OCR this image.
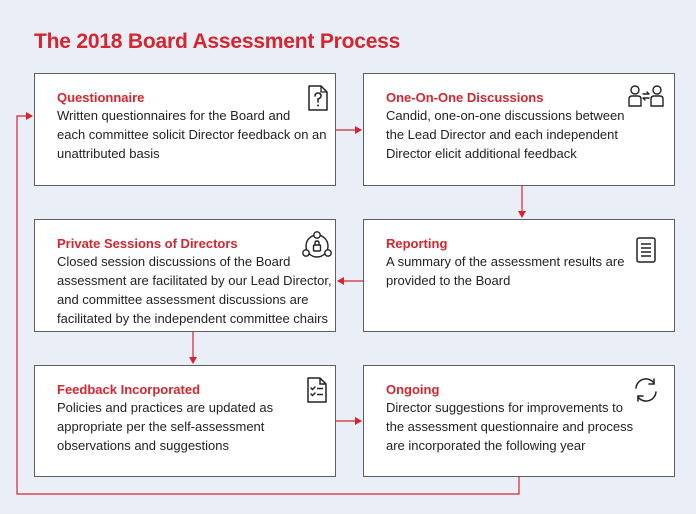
The 2018 Board Assessment Process
Questionnaire
Written questionnaires for the Board and
each committee solicit Director feedback on an
unattributed basis
One-On-One Discussions
Candid, one-on-one discussions between
the Lead Director and each independent
Director elicit additional feedback
Private Sessions of Directors
Closed session discussions of the Board
assessment are facilitated by our Lead Director,
and committee assessment discussions are
facilitated by the independent committee chairs
Reporting
A summary of the assessment results are
provided to the Board
Feedback Incorporated
Policies and practices are updated as
appropriate per the self-assessment
observations and suggestions
Ongoing
Director suggestions for improvements to
the assessment questionnaire and process
are incorporated the following year
